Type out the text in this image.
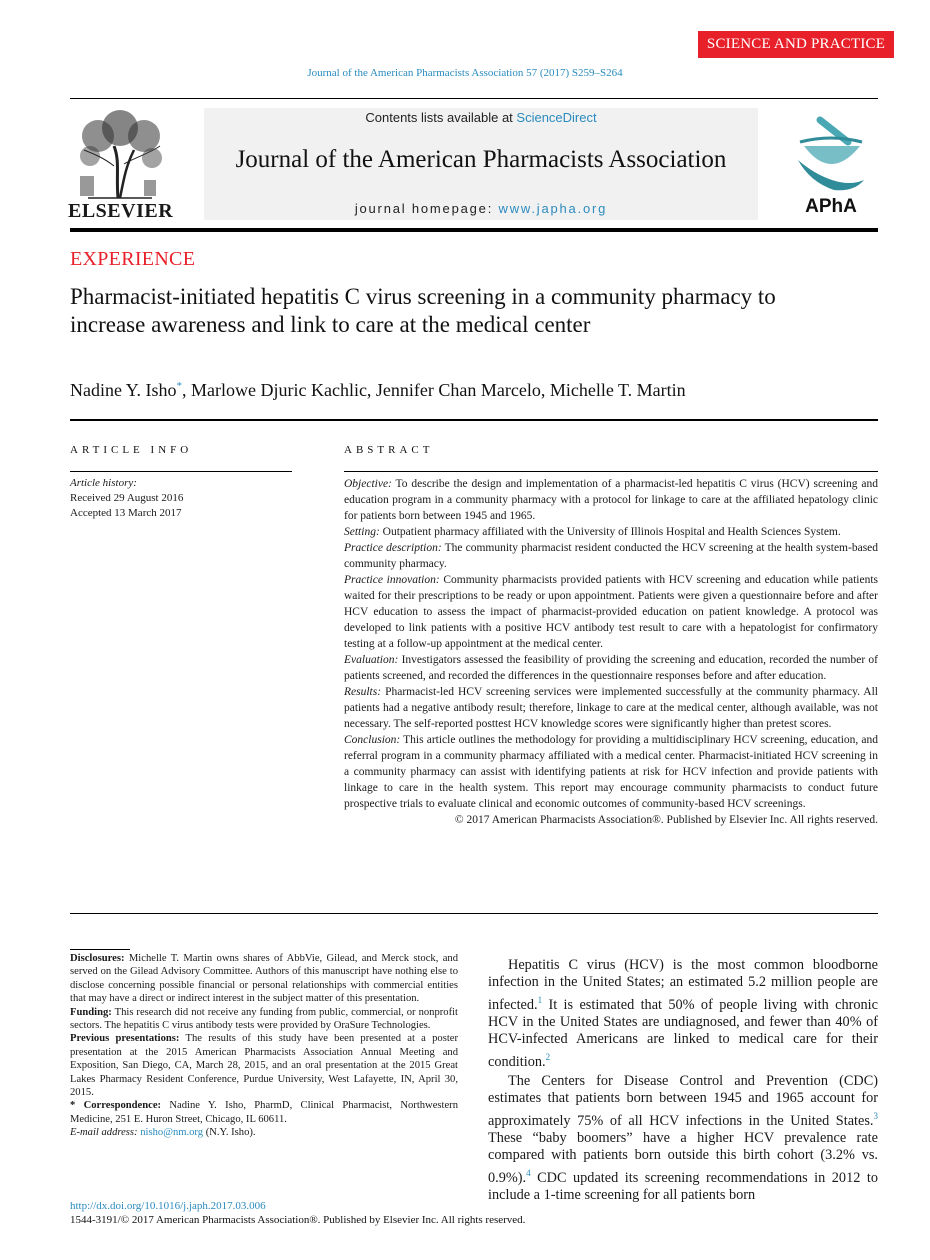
SCIENCE AND PRACTICE
Journal of the American Pharmacists Association 57 (2017) S259–S264
ELSEVIER
Contents lists available at ScienceDirect
Journal of the American Pharmacists Association
journal homepage: www.japha.org	APhA
EXPERIENCE
Pharmacist-initiated hepatitis C virus screening in a community pharmacy to increase awareness and link to care at the medical center
Nadine Y. Isho*, Marlowe Djuric Kachlic, Jennifer Chan Marcelo, Michelle T. Martin
ARTICLE INFO	ABSTRACT
Article history:
Received 29 August 2016
Accepted 13 March 2017

Objective: To describe the design and implementation of a pharmacist-led hepatitis C virus (HCV) screening and education program in a community pharmacy with a protocol for linkage to care at the affiliated hepatology clinic for patients born between 1945 and 1965.

Setting: Outpatient pharmacy affiliated with the University of Illinois Hospital and Health Sciences System.

Practice description: The community pharmacist resident conducted the HCV screening at the health system-based community pharmacy.

Practice innovation: Community pharmacists provided patients with HCV screening and education while patients waited for their prescriptions to be ready or upon appointment. Patients were given a questionnaire before and after HCV education to assess the impact of pharmacist-provided education on patient knowledge. A protocol was developed to link patients with a positive HCV antibody test result to care with a hepatologist for confirmatory testing at a follow-up appointment at the medical center.

Evaluation: Investigators assessed the feasibility of providing the screening and education, recorded the number of patients screened, and recorded the differences in the questionnaire responses before and after education.

Results: Pharmacist-led HCV screening services were implemented successfully at the community pharmacy. All patients had a negative antibody result; therefore, linkage to care at the medical center, although available, was not necessary. The self-reported posttest HCV knowledge scores were significantly higher than pretest scores.

Conclusion: This article outlines the methodology for providing a multidisciplinary HCV screening, education, and referral program in a community pharmacy affiliated with a medical center. Pharmacist-initiated HCV screening in a community pharmacy can assist with identifying patients at risk for HCV infection and provide patients with linkage to care in the health system. This report may encourage community pharmacists to conduct future prospective trials to evaluate clinical and economic outcomes of community-based HCV screenings.

© 2017 American Pharmacists Association®. Published by Elsevier Inc. All rights reserved.

Disclosures: Michelle T. Martin owns shares of AbbVie, Gilead, and Merck stock, and served on the Gilead Advisory Committee. Authors of this manuscript have nothing else to disclose concerning possible financial or personal relationships with commercial entities that may have a direct or indirect interest in the subject matter of this presentation.

Funding: This research did not receive any funding from public, commercial, or nonprofit sectors. The hepatitis C virus antibody tests were provided by OraSure Technologies.

Previous presentations: The results of this study have been presented at a poster presentation at the 2015 American Pharmacists Association Annual Meeting and Exposition, San Diego, CA, March 28, 2015, and an oral presentation at the 2015 Great Lakes Pharmacy Resident Conference, Purdue University, West Lafayette, IN, April 30, 2015.

* Correspondence: Nadine Y. Isho, PharmD, Clinical Pharmacist, Northwestern Medicine, 251 E. Huron Street, Chicago, IL 60611.

E-mail address: nisho@nm.org (N.Y. Isho).

Hepatitis C virus (HCV) is the most common bloodborne infection in the United States; an estimated 5.2 million people are infected.$^1$ It is estimated that 50% of people living with chronic HCV in the United States are undiagnosed, and fewer than 40% of HCV-infected Americans are linked to medical care for their condition.$^2$

The Centers for Disease Control and Prevention (CDC) estimates that patients born between 1945 and 1965 account for approximately 75% of all HCV infections in the United States.$^3$ These “baby boomers” have a higher HCV prevalence rate compared with patients born outside this birth cohort (3.2% vs. 0.9%).$^4$ CDC updated its screening recommendations in 2012 to include a 1-time screening for all patients born

http://dx.doi.org/10.1016/j.japh.2017.03.006
1544-3191/© 2017 American Pharmacists Association®. Published by Elsevier Inc. All rights reserved.
